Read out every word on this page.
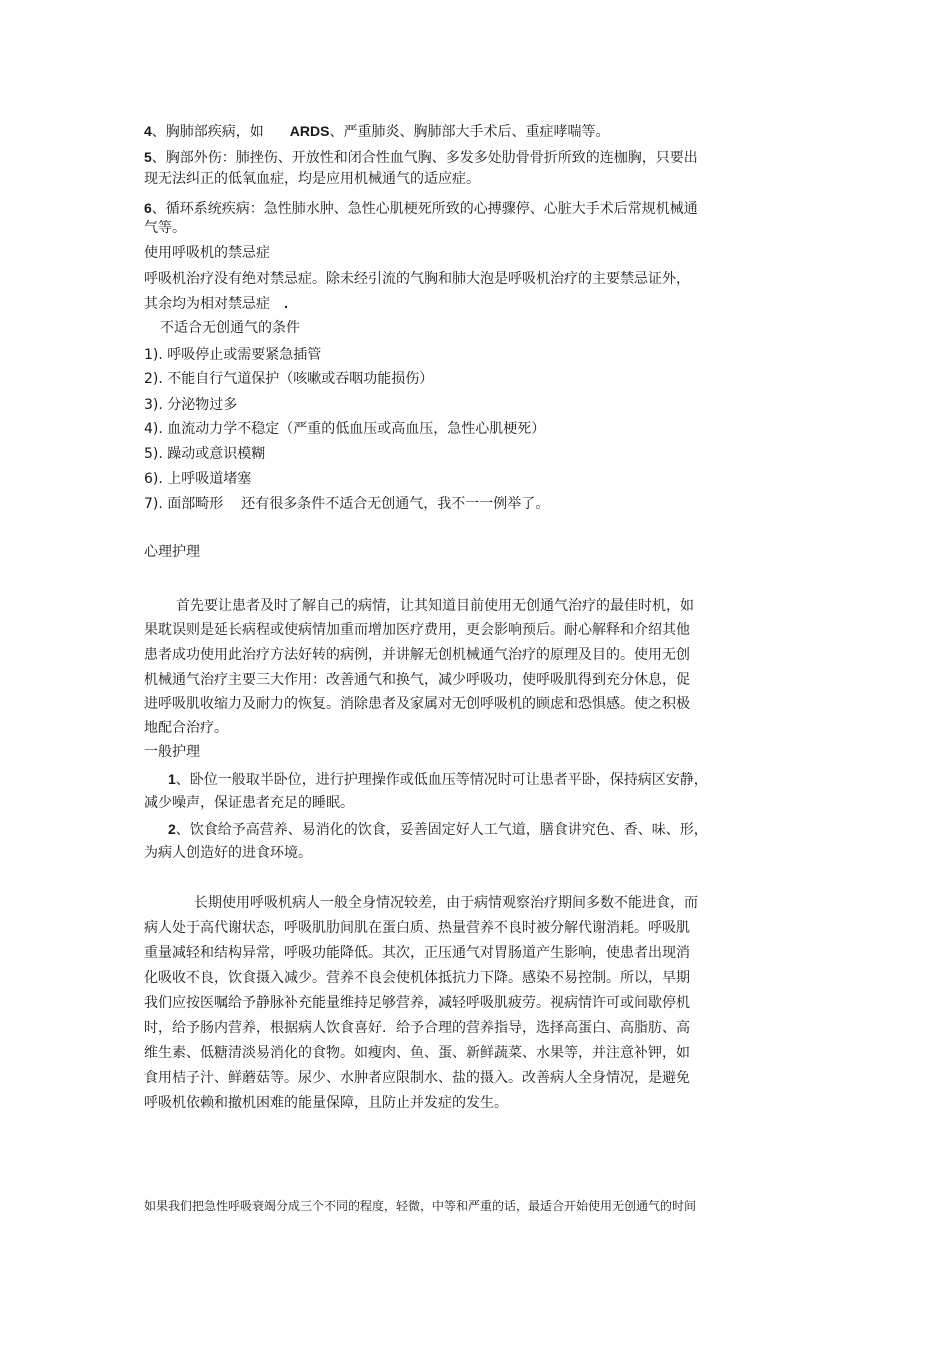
4、胸肺部疾病，如 ARDS、严重肺炎、胸肺部大手术后、重症哮喘等。
5、胸部外伤：肺挫伤、开放性和闭合性血气胸、多发多处肋骨骨折所致的连枷胸，只要出
现无法纠正的低氧血症，均是应用机械通气的适应症。
6、循环系统疾病：急性肺水肿、急性心肌梗死所致的心搏骤停、心脏大手术后常规机械通
气等。
使用呼吸机的禁忌症
呼吸机治疗没有绝对禁忌症。除未经引流的气胸和肺大泡是呼吸机治疗的主要禁忌证外，
其余均为相对禁忌症 .
不适合无创通气的条件
1). 呼吸停止或需要紧急插管
2). 不能自行气道保护（咳嗽或吞咽功能损伤）
3). 分泌物过多
4). 血流动力学不稳定（严重的低血压或高血压，急性心肌梗死）
5). 躁动或意识模糊
6). 上呼吸道堵塞
7). 面部畸形 还有很多条件不适合无创通气，我不一一例举了。
心理护理
首先要让患者及时了解自己的病情，让其知道目前使用无创通气治疗的最佳时机，如
果耽误则是延长病程或使病情加重而增加医疗费用，更会影响预后。耐心解释和介绍其他
患者成功使用此治疗方法好转的病例，并讲解无创机械通气治疗的原理及目的。使用无创
机械通气治疗主要三大作用：改善通气和换气，减少呼吸功，使呼吸肌得到充分休息，促
进呼吸肌收缩力及耐力的恢复。消除患者及家属对无创呼吸机的顾虑和恐惧感。使之积极
地配合治疗。
一般护理
1、卧位一般取半卧位，进行护理操作或低血压等情况时可让患者平卧，保持病区安静，
减少噪声，保证患者充足的睡眠。
2、饮食给予高营养、易消化的饮食，妥善固定好人工气道，膳食讲究色、香、味、形，
为病人创造好的进食环境。
长期使用呼吸机病人一般全身情况较差，由于病情观察治疗期间多数不能进食，而
病人处于高代谢状态，呼吸肌肋间肌在蛋白质、热量营养不良时被分解代谢消耗。呼吸肌
重量减轻和结构异常，呼吸功能降低。其次，正压通气对胃肠道产生影响，使患者出现消
化吸收不良，饮食摄入减少。营养不良会使机体抵抗力下降。感染不易控制。所以，早期
我们应按医嘱给予静脉补充能量维持足够营养，减轻呼吸肌疲劳。视病情许可或间歇停机
时，给予肠内营养，根据病人饮食喜好．给予合理的营养指导，选择高蛋白、高脂肪、高
维生素、低糖清淡易消化的食物。如瘦肉、鱼、蛋、新鲜蔬菜、水果等，并注意补钾，如
食用桔子汁、鲜蘑菇等。尿少、水肿者应限制水、盐的摄入。改善病人全身情况，是避免
呼吸机依赖和撤机困难的能量保障，且防止并发症的发生。
如果我们把急性呼吸衰竭分成三个不同的程度，轻微，中等和严重的话，最适合开始使用无创通气的时间
